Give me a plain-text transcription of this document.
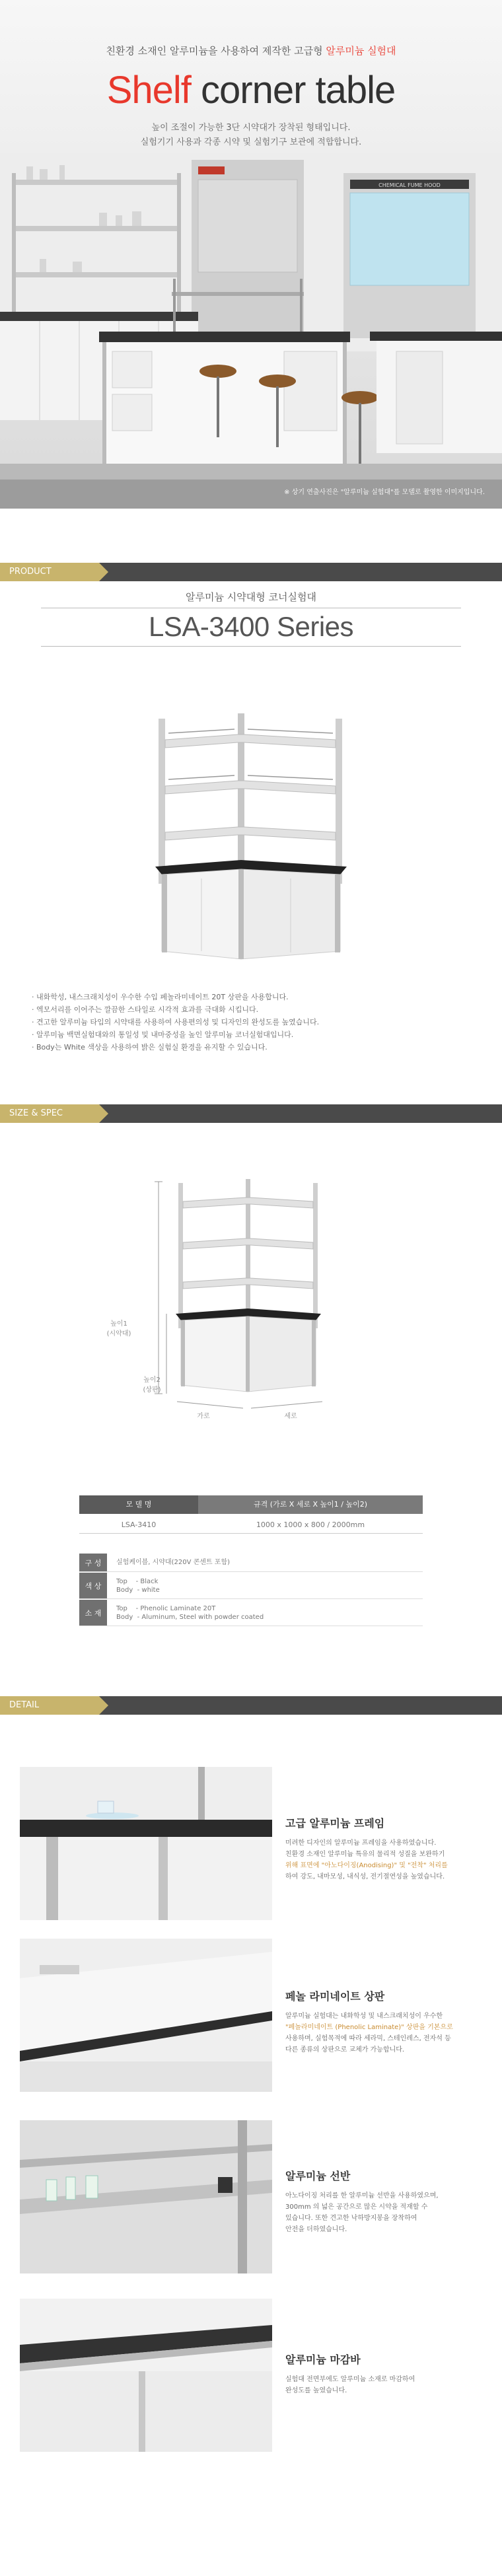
친환경 소재인 알루미늄을 사용하여 제작한 고급형 알루미늄 실험대
Shelf corner table
높이 조절이 가능한 3단 시약대가 장착된 형태입니다.
실험기기 사용과 각종 시약 및 실험기구 보관에 적합합니다.
CHEMICAL FUME HOOD
※ 상기 연출사진은 "알루미늄 실험대"를 모델로 촬영한 이미지입니다.
PRODUCT
알루미늄 시약대형 코너실험대
LSA-3400 Series
· 내화학성, 내스크래치성이 우수한 수입 페놀라미네이트 20T 상판을 사용합니다.
· 엑모서리를 이어주는 깔끔한 스타일로 시각적 효과를 극대화 시킵니다.
· 견고한 알루미늄 타입의 시약대를 사용하여 사용편의성 및 디자인의 완성도를 높였습니다.
· 알루미늄 백면실험대와의 통일성 및 내마중성을 높인 알루미늄 코너실험대입니다.
· Body는 White 색상을 사용하여 밝은 실험실 환경을 유지할 수 있습니다.
SIZE & SPEC
높이1
(시약대)
높이2
(상판)
가로	세로
모 델 명	규격 (가로 X 세로 X 높이1 / 높이2)
LSA-3410	1000 x 1000 x 800 / 2000mm
구 성	실험케이블, 시약대(220V 콘센트 포함)
색 상
Top    - Black
Body  - white
소 재
Top    - Phenolic Laminate 20T
Body  - Aluminum, Steel with powder coated
DETAIL
고급 알루미늄 프레임
미려한 디자인의 알루미늄 프레임을 사용하였습니다.
친환경 소재인 알루미늄 특유의 물리적 성질을 보완하기
위해 표면에 "아노다이징(Anodising)" 및 "전착" 처리를
하여 강도, 내마모성, 내식성, 전기절연성을 높였습니다.
페놀 라미네이트 상판
알루미늄 실험대는 내화학성 및 내스크래치성이 우수한
"페놀라미네이트 (Phenolic Laminate)" 상판을 기본으로
사용하며, 실험목적에 따라 세라믹, 스테인레스, 전자석 등
다른 종류의 상판으로 교체가 가능합니다.
알루미늄 선반
아노다이징 처리를 한 알루미늄 선반을 사용하였으며,
300mm 의 넓은 공간으로 많은 시약을 적재할 수
있습니다. 또한 견고한 낙하방지봉을 장착하여
안전을 더하였습니다.
알루미늄 마감바
실험대 전면부에도 알루미늄 소재로 마감하여
완성도를 높였습니다.
